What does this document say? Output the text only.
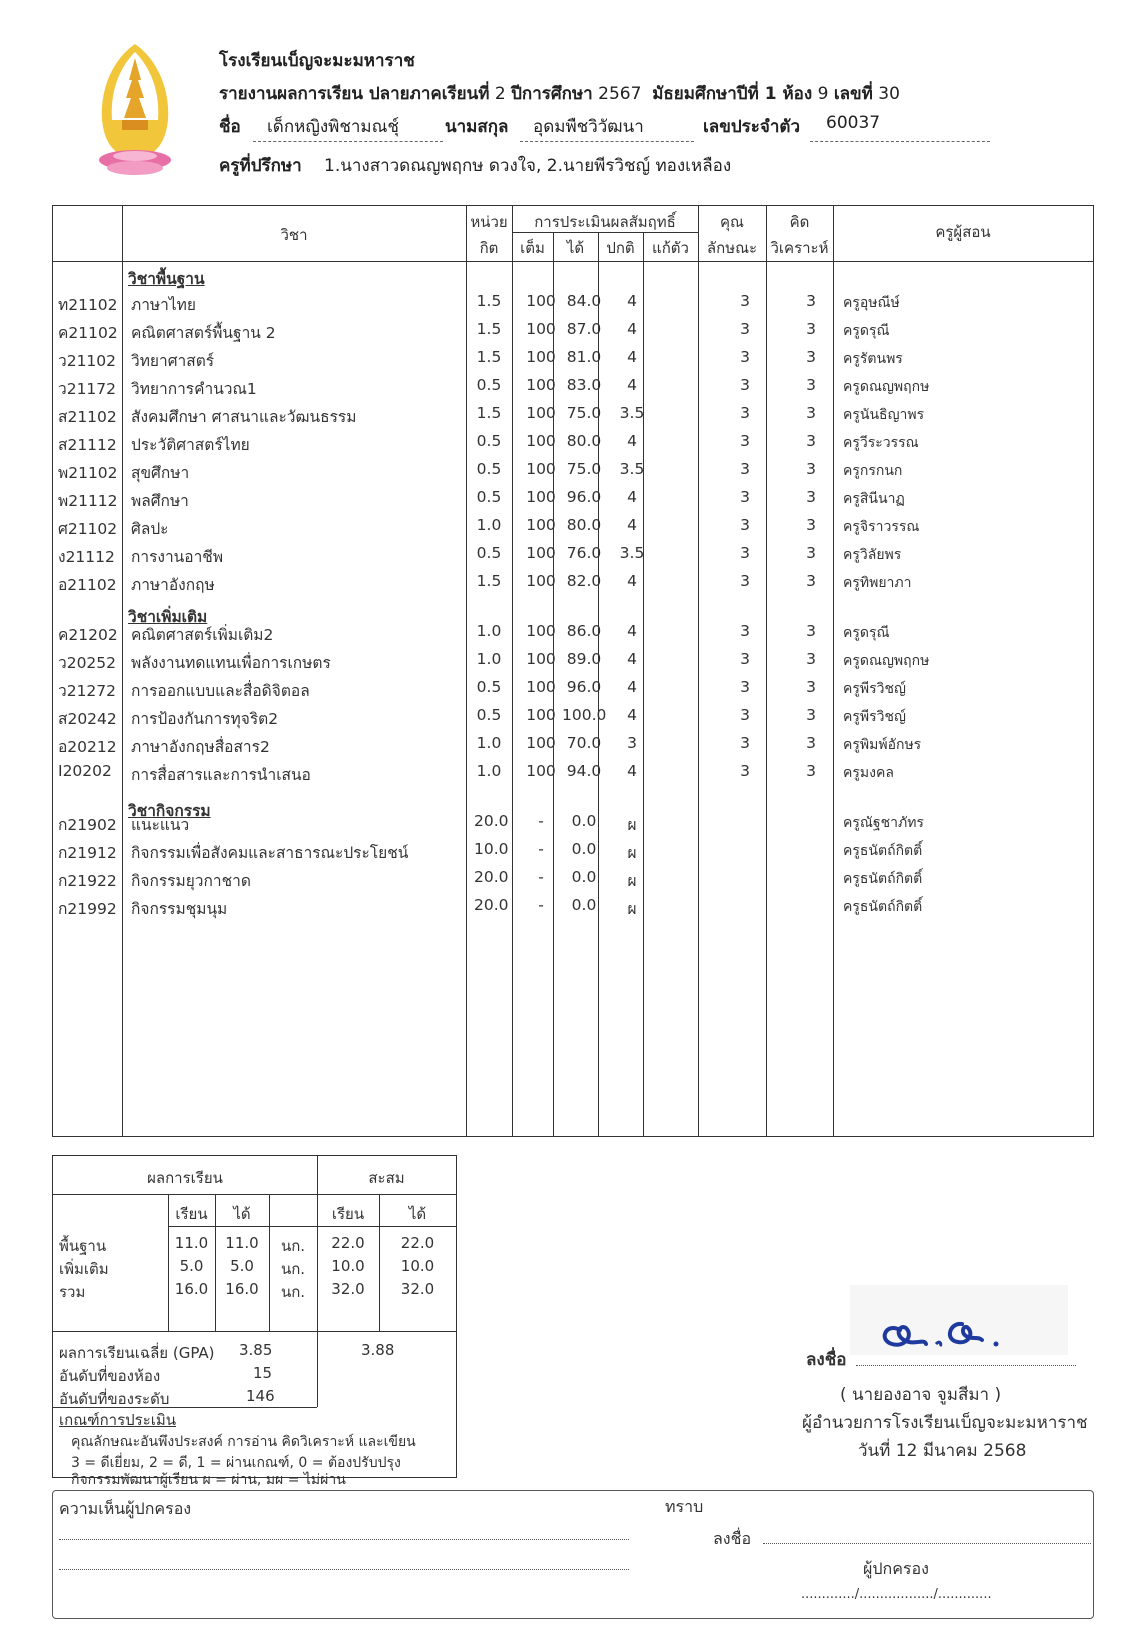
โรงเรียนเบ็ญจะมะมหาราช
รายงานผลการเรียน ปลายภาคเรียนที่ 2 ปีการศึกษา 2567 มัธยมศึกษาปีที่ 1 ห้อง 9 เลขที่ 30
ชื่อ เด็กหญิงพิชามณชุ์	นามสกุล อุดมพืชวิวัฒนา	เลขประจำตัว 60037
ครูที่ปรึกษา 1.นางสาวดณญพฤกษ ดวงใจ, 2.นายพีรวิชญ์ ทองเหลือง
วิชา
หน่วย
กิต
การประเมินผลสัมฤทธิ์
เต็ม	ได้	ปกติ	แก้ตัว
คุณ
ลักษณะ
คิด
วิเคราะห์
ครูผู้สอน
วิชาพื้นฐาน
ท21102 ภาษาไทย	1.5	100 84.0	4	3	3	ครูอุษณีษ์
ค21102 คณิตศาสตร์พื้นฐาน 2	1.5	100 87.0	4	3	3	ครูดรุณี
ว21102 วิทยาศาสตร์	1.5	100 81.0	4	3	3	ครูรัตนพร
ว21172 วิทยาการคำนวณ1	0.5	100 83.0	4	3	3	ครูดณญพฤกษ
ส21102 สังคมศึกษา ศาสนาและวัฒนธรรม	1.5	100 75.0	3.5	3	3	ครูนันธิญาพร
ส21112 ประวัติศาสตร์ไทย	0.5	100 80.0	4	3	3	ครูวีระวรรณ
พ21102 สุขศึกษา	0.5	100 75.0	3.5	3	3	ครูกรกนก
พ21112 พลศึกษา	0.5	100 96.0	4	3	3	ครูสินีนาฏ
ศ21102 ศิลปะ	1.0	100 80.0	4	3	3	ครูจิราวรรณ
ง21112 การงานอาชีพ	0.5	100 76.0	3.5	3	3	ครูวิลัยพร
อ21102 ภาษาอังกฤษ	1.5	100 82.0	4	3	3	ครูทิพยาภา
วิชาเพิ่มเติม
ค21202 คณิตศาสตร์เพิ่มเติม2	1.0	100 86.0	4	3	3	ครูดรุณี
ว20252 พลังงานทดแทนเพื่อการเกษตร	1.0	100 89.0	4	3	3	ครูดณญพฤกษ
ว21272 การออกแบบและสื่อดิจิตอล	0.5	100 96.0	4	3	3	ครูพีรวิชญ์
ส20242 การป้องกันการทุจริต2	0.5	100 100.0	4	3	3	ครูพีรวิชญ์
อ20212 ภาษาอังกฤษสื่อสาร2	1.0	100 70.0	3	3	3	ครูพิมพ์อักษร
I20202 การสื่อสารและการนำเสนอ	1.0	100 94.0	4	3	3	ครูมงคล
วิชากิจกรรม
ก21902 แนะแนว	20.0	-	0.0	ผ	ครูณัฐชาภัทร
ก21912 กิจกรรมเพื่อสังคมและสาธารณะประโยชน์	10.0	-	0.0	ผ	ครูธนัตถ์กิตติ์
ก21922 กิจกรรมยุวกาชาด	20.0	-	0.0	ผ	ครูธนัตถ์กิตติ์
ก21992 กิจกรรมชุมนุม	20.0	-	0.0	ผ	ครูธนัตถ์กิตติ์
ผลการเรียน	สะสม
เรียน	ได้	เรียน	ได้
พื้นฐาน	11.0	11.0	นก.	22.0	22.0
เพิ่มเติม	5.0	5.0	นก.	10.0	10.0
รวม	16.0	16.0	นก.	32.0	32.0
ผลการเรียนเฉลี่ย (GPA) 3.85	3.88
อันดับที่ของห้อง	15
อันดับที่ของระดับ	146
เกณฑ์การประเมิน
คุณลักษณะอันพึงประสงค์ การอ่าน คิดวิเคราะห์ และเขียน
3 = ดีเยี่ยม, 2 = ดี, 1 = ผ่านเกณฑ์, 0 = ต้องปรับปรุง
กิจกรรมพัฒนาผู้เรียน ผ = ผ่าน, มผ = ไม่ผ่าน
ลงชื่อ
( นายองอาจ จูมสีมา )
ผู้อำนวยการโรงเรียนเบ็ญจะมะมหาราช
วันที่ 12 มีนาคม 2568
ความเห็นผู้ปกครอง	ทราบ
ลงชื่อ
ผู้ปกครอง
............./................../.............
